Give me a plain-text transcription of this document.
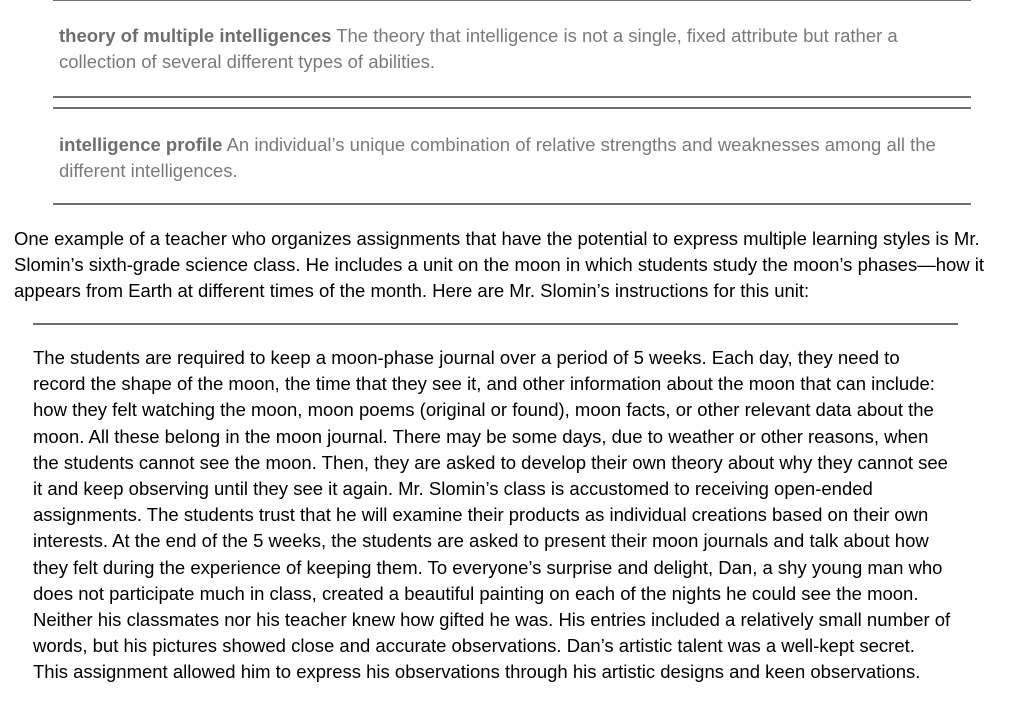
theory of multiple intelligences The theory that intelligence is not a single, fixed attribute but rather a collection of several different types of abilities.

intelligence profile An individual’s unique combination of relative strengths and weaknesses among all the different intelligences.

One example of a teacher who organizes assignments that have the potential to express multiple learning styles is Mr. Slomin’s sixth-grade science class. He includes a unit on the moon in which students study the moon’s phases—how it appears from Earth at different times of the month. Here are Mr. Slomin’s instructions for this unit:

The students are required to keep a moon-phase journal over a period of 5 weeks. Each day, they need to record the shape of the moon, the time that they see it, and other information about the moon that can include: how they felt watching the moon, moon poems (original or found), moon facts, or other relevant data about the moon. All these belong in the moon journal. There may be some days, due to weather or other reasons, when the students cannot see the moon. Then, they are asked to develop their own theory about why they cannot see it and keep observing until they see it again. Mr. Slomin’s class is accustomed to receiving open-ended assignments. The students trust that he will examine their products as individual creations based on their own interests. At the end of the 5 weeks, the students are asked to present their moon journals and talk about how they felt during the experience of keeping them. To everyone’s surprise and delight, Dan, a shy young man who does not participate much in class, created a beautiful painting on each of the nights he could see the moon. Neither his classmates nor his teacher knew how gifted he was. His entries included a relatively small number of words, but his pictures showed close and accurate observations. Dan’s artistic talent was a well-kept secret. This assignment allowed him to express his observations through his artistic designs and keen observations.
